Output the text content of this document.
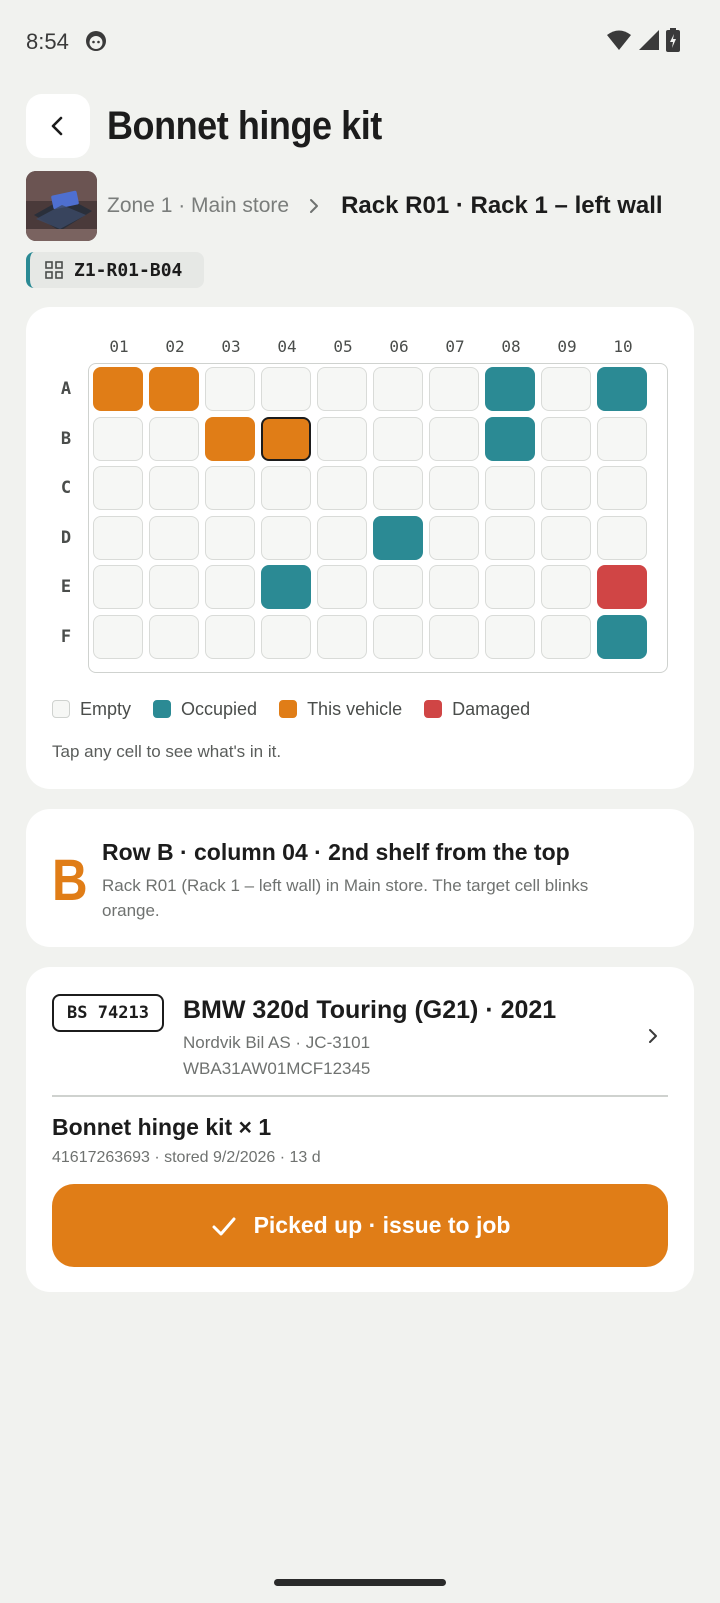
8:54
Bonnet hinge kit
Zone 1 · Main store Rack R01 · Rack 1 – left wall
Z1-R01-B04
01	02	03	04	05	06	07	08	09	10
A
B
C
D
E
F
Empty	Occupied	This vehicle	Damaged
Tap any cell to see what's in it.
B Row B · column 04 · 2nd shelf from the top
Rack R01 (Rack 1 – left wall) in Main store. The target cell blinks orange.
BS 74213	BMW 320d Touring (G21) · 2021
Nordvik Bil AS · JC-3101
WBA31AW01MCF12345
Bonnet hinge kit × 1
41617263693 · stored 9/2/2026 · 13 d
Picked up · issue to job
